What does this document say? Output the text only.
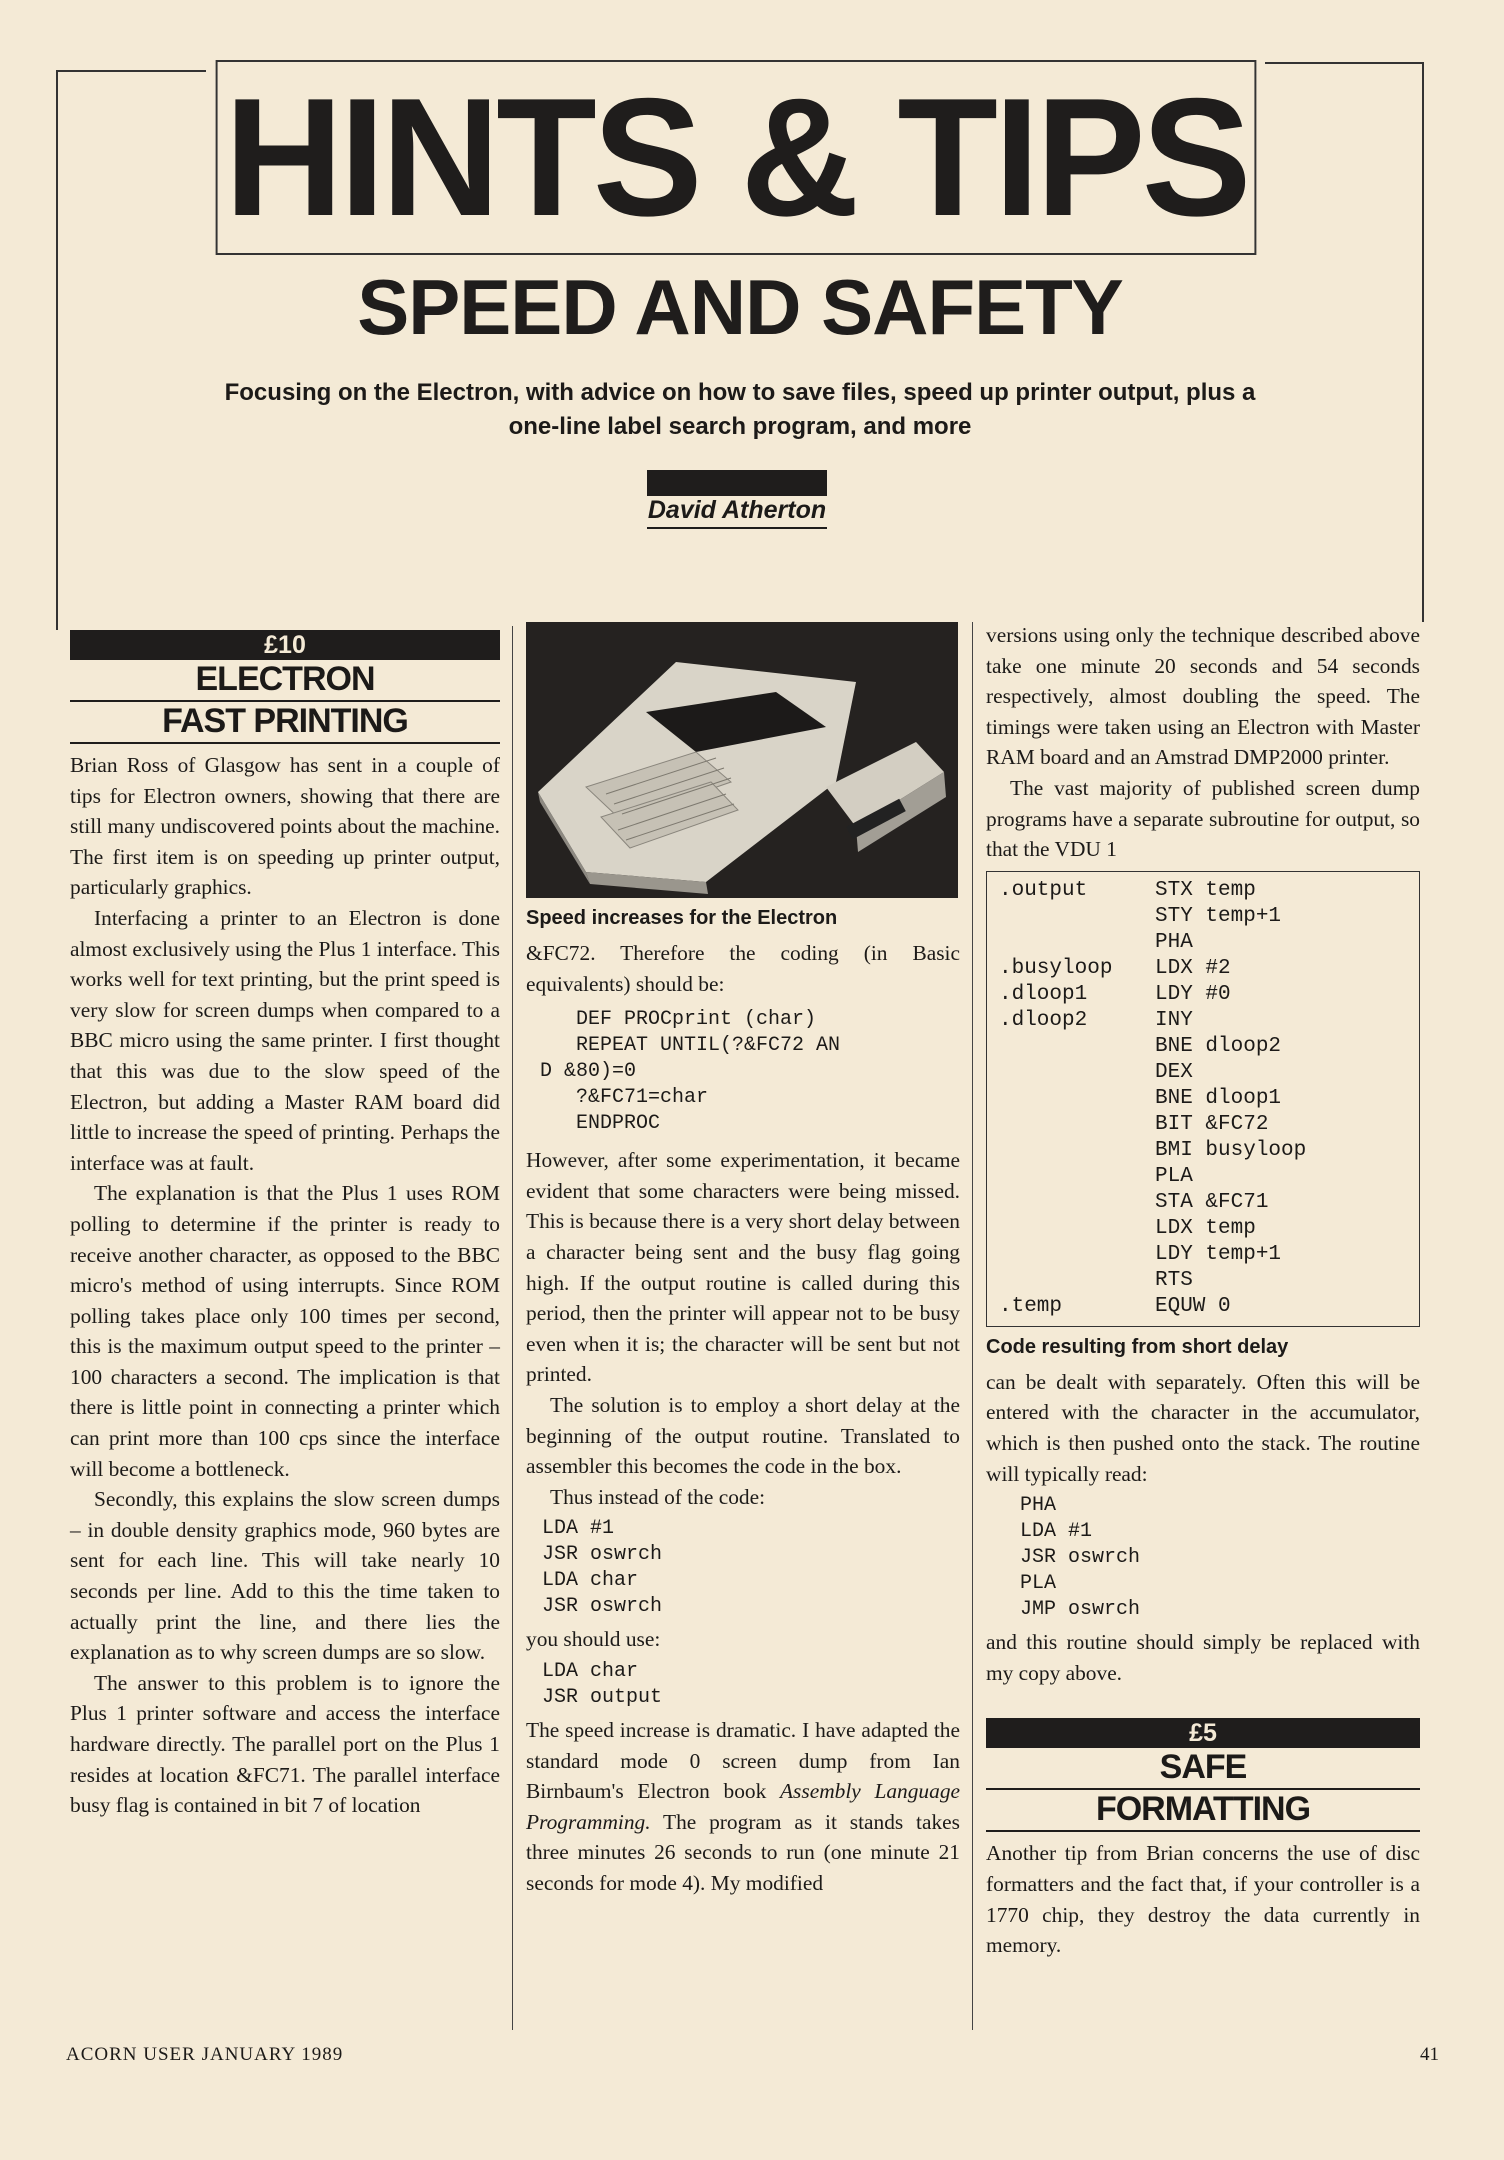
HINTS & TIPS
SPEED AND SAFETY
Focusing on the Electron, with advice on how to save files, speed up printer output, plus a one-line label search program, and more
David Atherton
£10
ELECTRON
FAST PRINTING

Brian Ross of Glasgow has sent in a couple of tips for Electron owners, showing that there are still many undiscovered points about the machine. The first item is on speeding up printer output, particularly graphics.

Interfacing a printer to an Electron is done almost exclusively using the Plus 1 interface. This works well for text printing, but the print speed is very slow for screen dumps when compared to a BBC micro using the same printer. I first thought that this was due to the slow speed of the Electron, but adding a Master RAM board did little to increase the speed of printing. Perhaps the interface was at fault.

The explanation is that the Plus 1 uses ROM polling to determine if the printer is ready to receive another character, as opposed to the BBC micro's method of using interrupts. Since ROM polling takes place only 100 times per second, this is the maximum output speed to the printer – 100 characters a second. The implication is that there is little point in connecting a printer which can print more than 100 cps since the interface will become a bottleneck.

Secondly, this explains the slow screen dumps – in double density graphics mode, 960 bytes are sent for each line. This will take nearly 10 seconds per line. Add to this the time taken to actually print the line, and there lies the explanation as to why screen dumps are so slow.

The answer to this problem is to ignore the Plus 1 printer software and access the interface hardware directly. The parallel port on the Plus 1 resides at location &FC71. The parallel interface busy flag is contained in bit 7 of location

Speed increases for the Electron

&FC72. Therefore the coding (in Basic equivalents) should be:

DEF PROCprint (char)
REPEAT UNTIL(?&FC72 AN
D &80)=0
?&FC71=char
ENDPROC

However, after some experimentation, it became evident that some characters were being missed. This is because there is a very short delay between a character being sent and the busy flag going high. If the output routine is called during this period, then the printer will appear not to be busy even when it is; the character will be sent but not printed.

The solution is to employ a short delay at the beginning of the output routine. Translated to assembler this becomes the code in the box.

Thus instead of the code:

LDA #1
JSR oswrch
LDA char
JSR oswrch

you should use:

LDA char
JSR output

The speed increase is dramatic. I have adapted the standard mode 0 screen dump from Ian Birnbaum's Electron book Assembly Language Programming. The program as it stands takes three minutes 26 seconds to run (one minute 21 seconds for mode 4). My modified

versions using only the technique described above take one minute 20 seconds and 54 seconds respectively, almost doubling the speed. The timings were taken using an Electron with Master RAM board and an Amstrad DMP2000 printer.

The vast majority of published screen dump programs have a separate subroutine for output, so that the VDU 1

.output	STX temp
	STY temp+1
	PHA
.busyloop	LDX #2
.dloop1	LDY #0
.dloop2	INY
	BNE dloop2
	DEX
	BNE dloop1
	BIT &FC72
	BMI busyloop
	PLA
	STA &FC71
	LDX temp
	LDY temp+1
	RTS
.temp	EQUW 0
Code resulting from short delay

can be dealt with separately. Often this will be entered with the character in the accumulator, which is then pushed onto the stack. The routine will typically read:

PHA
LDA #1
JSR oswrch
PLA
JMP oswrch

and this routine should simply be replaced with my copy above.

£5
SAFE
FORMATTING

Another tip from Brian concerns the use of disc formatters and the fact that, if your controller is a 1770 chip, they destroy the data currently in memory.

ACORN USER JANUARY 1989	41
